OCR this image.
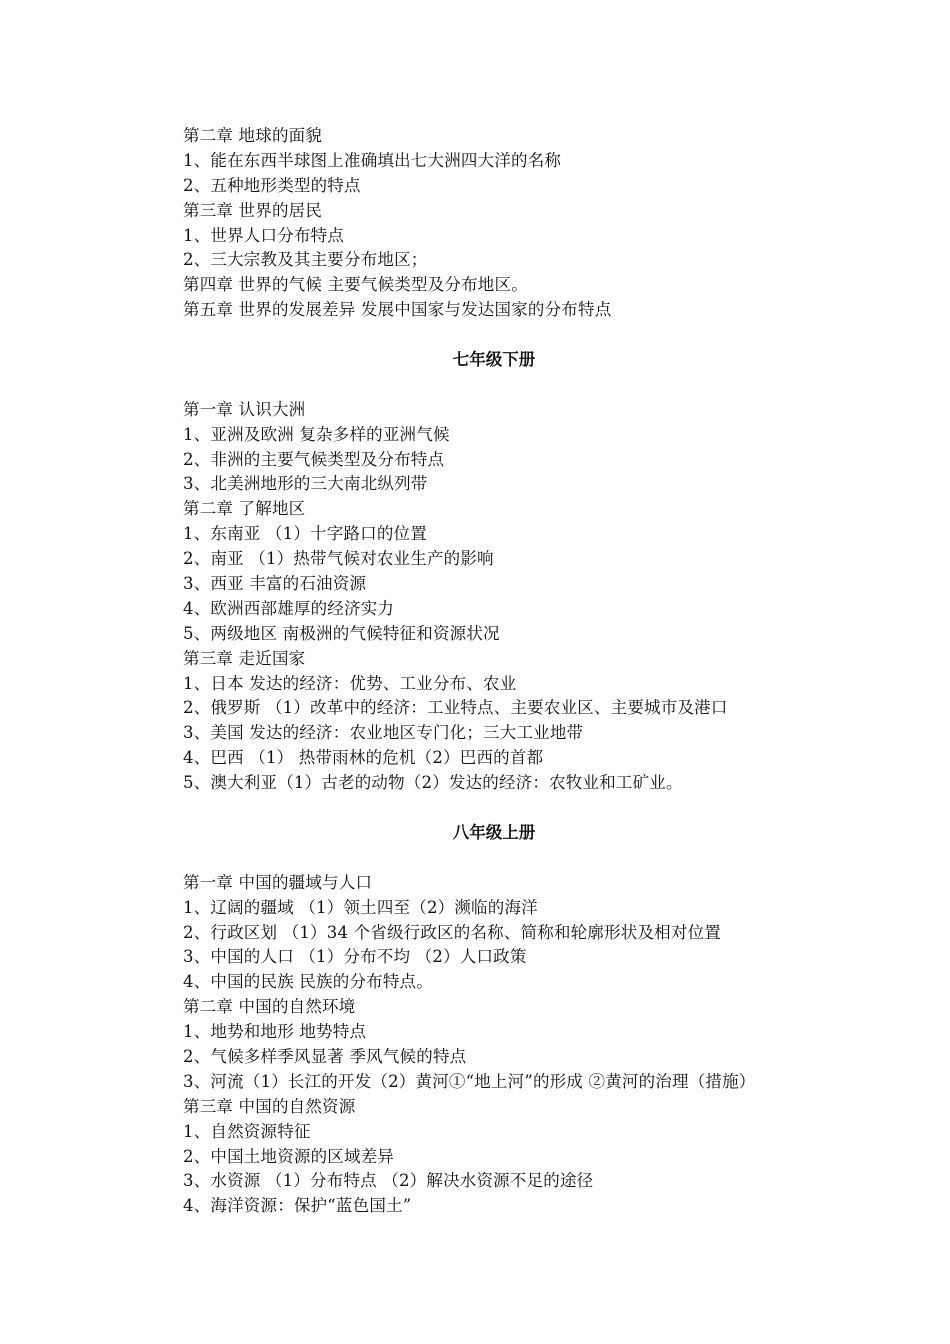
第二章 地球的面貌
1、能在东西半球图上准确填出七大洲四大洋的名称
2、五种地形类型的特点
第三章 世界的居民
1、世界人口分布特点
2、三大宗教及其主要分布地区；
第四章 世界的气候 主要气候类型及分布地区。
第五章 世界的发展差异 发展中国家与发达国家的分布特点
七年级下册
第一章 认识大洲
1、亚洲及欧洲 复杂多样的亚洲气候
2、非洲的主要气候类型及分布特点
3、北美洲地形的三大南北纵列带
第二章 了解地区
1、东南亚 （1）十字路口的位置
2、南亚 （1）热带气候对农业生产的影响
3、西亚 丰富的石油资源
4、欧洲西部雄厚的经济实力
5、两级地区 南极洲的气候特征和资源状况
第三章 走近国家
1、日本 发达的经济：优势、工业分布、农业
2、俄罗斯 （1）改革中的经济：工业特点、主要农业区、主要城市及港口
3、美国 发达的经济：农业地区专门化；三大工业地带
4、巴西 （1） 热带雨林的危机（2）巴西的首都
5、澳大利亚（1）古老的动物（2）发达的经济：农牧业和工矿业。
八年级上册
第一章 中国的疆域与人口
1、辽阔的疆域 （1）领土四至（2）濒临的海洋
2、行政区划 （1）34 个省级行政区的名称、简称和轮廓形状及相对位置
3、中国的人口 （1）分布不均 （2）人口政策
4、中国的民族 民族的分布特点。
第二章 中国的自然环境
1、地势和地形 地势特点
2、气候多样季风显著 季风气候的特点
3、河流（1）长江的开发（2）黄河①“地上河”的形成 ②黄河的治理（措施）
第三章 中国的自然资源
1、自然资源特征
2、中国土地资源的区域差异
3、水资源 （1）分布特点 （2）解决水资源不足的途径
4、海洋资源：保护“蓝色国土”
